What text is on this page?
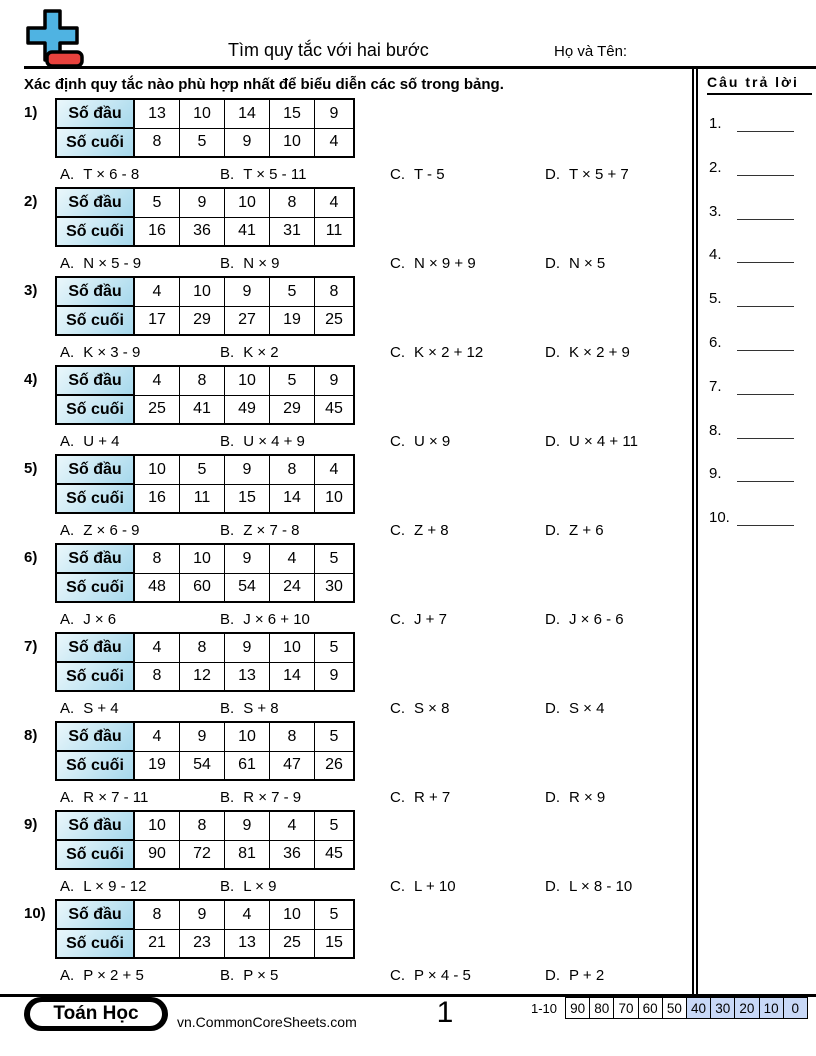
Tìm quy tắc với hai bước	Họ và Tên:
Xác định quy tắc nào phù hợp nhất để biểu diễn các số trong bảng.
1)	Số đầu	13	10	14	15	9
Số cuối	8	5	9	10	4
A. T × 6 - 8	B. T × 5 - 11	C. T - 5	D. T × 5 + 7
2)	Số đầu	5	9	10	8	4
Số cuối	16	36	41	31	11
A. N × 5 - 9	B. N × 9	C. N × 9 + 9	D. N × 5
3)	Số đầu	4	10	9	5	8
Số cuối	17	29	27	19	25
A. K × 3 - 9	B. K × 2	C. K × 2 + 12	D. K × 2 + 9
4)	Số đầu	4	8	10	5	9
Số cuối	25	41	49	29	45
A. U + 4	B. U × 4 + 9	C. U × 9	D. U × 4 + 11
5)	Số đầu	10	5	9	8	4
Số cuối	16	11	15	14	10
A. Z × 6 - 9	B. Z × 7 - 8	C. Z + 8	D. Z + 6
6)	Số đầu	8	10	9	4	5
Số cuối	48	60	54	24	30
A. J × 6	B. J × 6 + 10	C. J + 7	D. J × 6 - 6
7)	Số đầu	4	8	9	10	5
Số cuối	8	12	13	14	9
A. S + 4	B. S + 8	C. S × 8	D. S × 4
8)	Số đầu	4	9	10	8	5
Số cuối	19	54	61	47	26
A. R × 7 - 11	B. R × 7 - 9	C. R + 7	D. R × 9
9)	Số đầu	10	8	9	4	5
Số cuối	90	72	81	36	45
A. L × 9 - 12	B. L × 9	C. L + 10	D. L × 8 - 10
10)	Số đầu	8	9	4	10	5
Số cuối	21	23	13	25	15
A. P × 2 + 5	B. P × 5	C. P × 4 - 5	D. P + 2
Câu trả lời
1.
2.
3.
4.
5.
6.
7.
8.
9.
10.
Toán Học	vn.CommonCoreSheets.com	1	1-10 90 80 70 60 50 40 30 20 10 0
